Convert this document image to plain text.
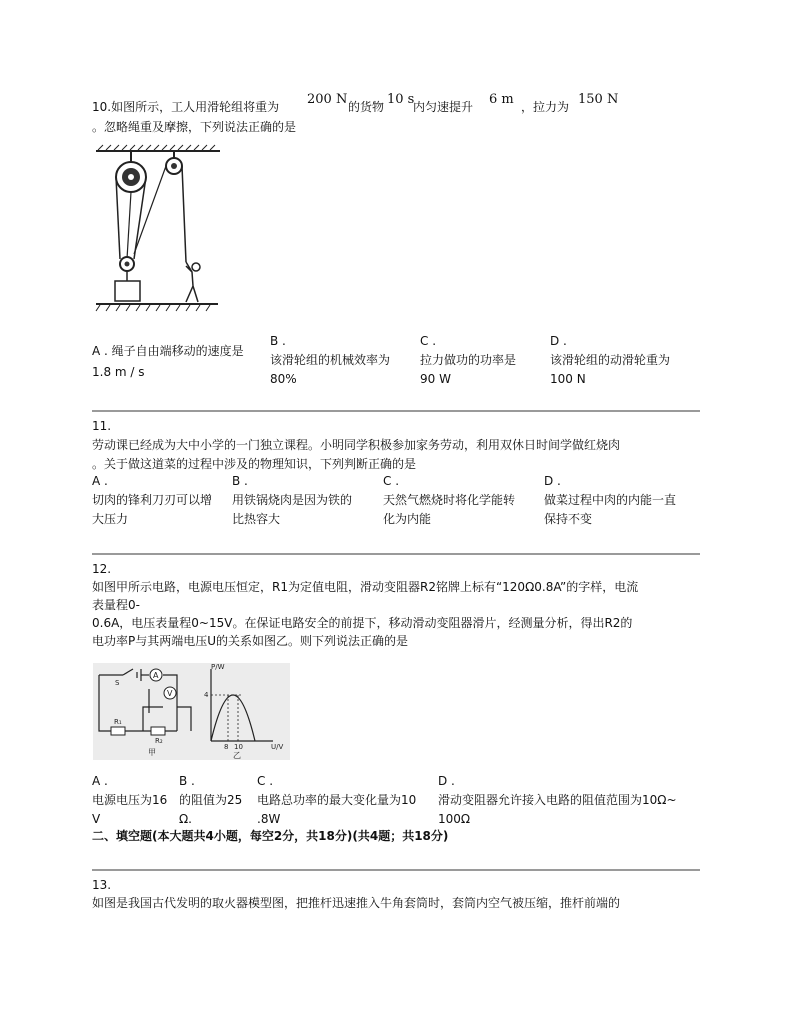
10.如图所示，工人用滑轮组将重为 200 N 的货物 10 s
内匀速提升 6 m ，拉力为 150 N
。忽略绳重及摩擦，下列说法正确的是
A . 绳子自由端移动的速度是
1.8 m / s
B .
该滑轮组的机械效率为
80%
C .
拉力做功的功率是
90 W
D .
该滑轮组的动滑轮重为
100 N
11.
劳动课已经成为大中小学的一门独立课程。小明同学积极参加家务劳动，利用双休日时间学做红烧肉
。关于做这道菜的过程中涉及的物理知识，下列判断正确的是
A .
切肉的锋利刀刃可以增
大压力
B .
用铁锅烧肉是因为铁的
比热容大
C .
天然气燃烧时将化学能转
化为内能
D .
做菜过程中肉的内能一直
保持不变
12.
如图甲所示电路，电源电压恒定，R1为定值电阻，滑动变阻器R2铭牌上标有“120Ω0.8A”的字样，电流
表量程0-
0.6A，电压表量程0~15V。在保证电路安全的前提下，移动滑动变阻器滑片，经测量分析，得出R2的
电功率P与其两端电压U的关系如图乙。则下列说法正确的是
A
V
S
R₁
R₂
甲
P/W
4
8 10	U/V
乙
A .
电源电压为16
V
B .
的阻值为25
Ω.
C .
电路总功率的最大变化量为10
.8W
D .
滑动变阻器允许接入电路的阻值范围为10Ω~
100Ω
二、填空题(本大题共4小题，每空2分，共18分)(共4题；共18分)
13.
如图是我国古代发明的取火器模型图，把推杆迅速推入牛角套筒时，套筒内空气被压缩，推杆前端的
